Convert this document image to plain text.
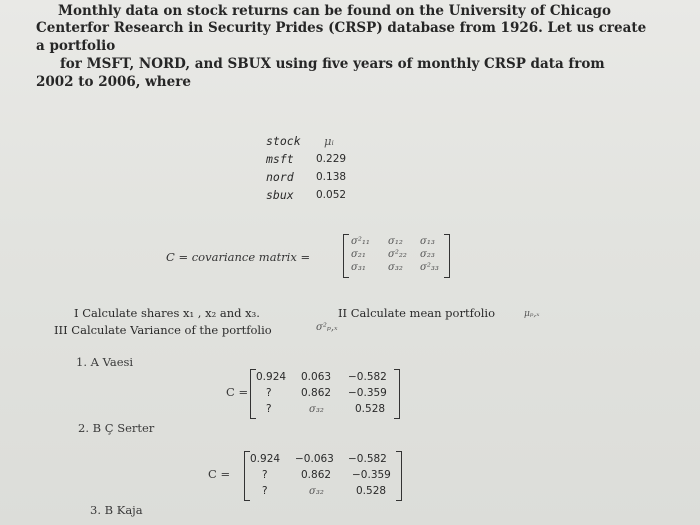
Monthly data on stock returns can be found on the University of Chicago
Centerfor Research in Security Prides (CRSP) database from 1926. Let us create
a portfolio
for MSFT, NORD, and SBUX using five years of monthly CRSP data from
2002 to 2006, where
stock μᵢ
msft 0.229
nord 0.138
sbux 0.052
C = covariance matrix =
σ²₁₁ σ₁₂ σ₁₃
σ₂₁ σ²₂₂ σ₂₃
σ₃₁ σ₃₂ σ²₃₃
I Calculate shares x₁ , x₂ and x₃.	II Calculate mean portfolio	μₚ,ₓ
III Calculate Variance of the portfolio	σ²ₚ,ₓ
1. A Vaesi
C =
0.924 0.063 −0.582
?	0.862 −0.359
?	σ₃₂	0.528
2. B Ç Serter
C =
0.924 −0.063 −0.582
?	0.862 −0.359
?	σ₃₂	0.528
3. B Kaja
